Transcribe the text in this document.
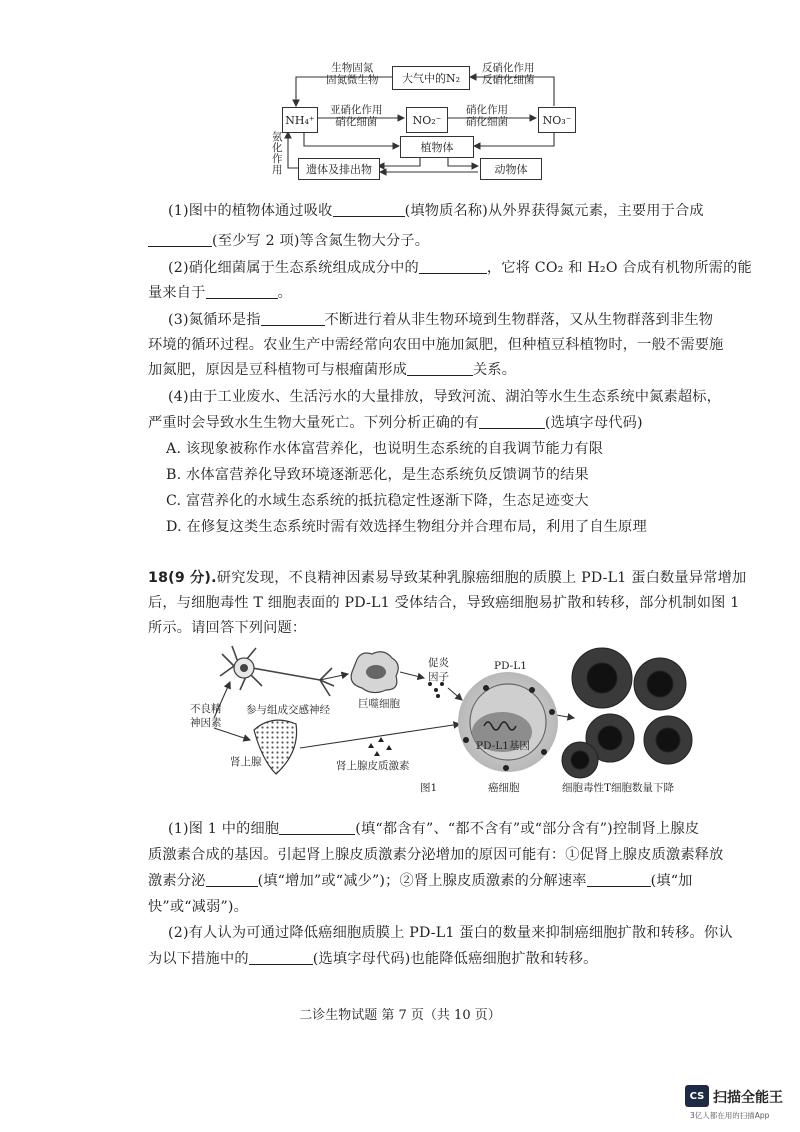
大气中的N₂
NH₄⁺	NO₂⁻	NO₃⁻
植物体
遗体及排出物	动物体
生物固氮
固氮微生物
反硝化作用
反硝化细菌
亚硝化作用
硝化细菌
硝化作用
硝化细菌
氨
化
作
用
(1)图中的植物体通过吸收	(填物质名称)从外界获得氮元素，主要用于合成
(至少写 2 项)等含氮生物大分子。
(2)硝化细菌属于生态系统组成成分中的	，它将 CO₂ 和 H₂O 合成有机物所需的能
量来自于	。
(3)氮循环是指	不断进行着从非生物环境到生物群落，又从生物群落到非生物
环境的循环过程。农业生产中需经常向农田中施加氮肥，但种植豆科植物时，一般不需要施
加氮肥，原因是豆科植物可与根瘤菌形成	关系。
(4)由于工业废水、生活污水的大量排放，导致河流、湖泊等水生生态系统中氮素超标，
严重时会导致水生生物大量死亡。下列分析正确的有	(选填字母代码)
A. 该现象被称作水体富营养化，也说明生态系统的自我调节能力有限
B. 水体富营养化导致环境逐渐恶化，是生态系统负反馈调节的结果
C. 富营养化的水域生态系统的抵抗稳定性逐渐下降，生态足迹变大
D. 在修复这类生态系统时需有效选择生物组分并合理布局，利用了自生原理
18(9 分).研究发现，不良精神因素易导致某种乳腺癌细胞的质膜上 PD-L1 蛋白数量异常增加
后，与细胞毒性 T 细胞表面的 PD-L1 受体结合，导致癌细胞易扩散和转移，部分机制如图 1
所示。请回答下列问题：
不良精
神因素
参与组成交感神经	巨噬细胞
促炎
因子
PD-L1
PD-L1基因
肾上腺	肾上腺皮质激素
图1	癌细胞	细胞毒性T细胞数量下降
(1)图 1 中的细胞	(填“都含有”、“都不含有”或“部分含有”)控制肾上腺皮
质激素合成的基因。引起肾上腺皮质激素分泌增加的原因可能有：①促肾上腺皮质激素释放
激素分泌	(填“增加”或“减少”)；②肾上腺皮质激素的分解速率	(填“加
快”或“减弱”)。
(2)有人认为可通过降低癌细胞质膜上 PD-L1 蛋白的数量来抑制癌细胞扩散和转移。你认
为以下措施中的	(选填字母代码)也能降低癌细胞扩散和转移。
二诊生物试题 第 7 页（共 10 页）
CS 扫描全能王
3亿人都在用的扫描App
